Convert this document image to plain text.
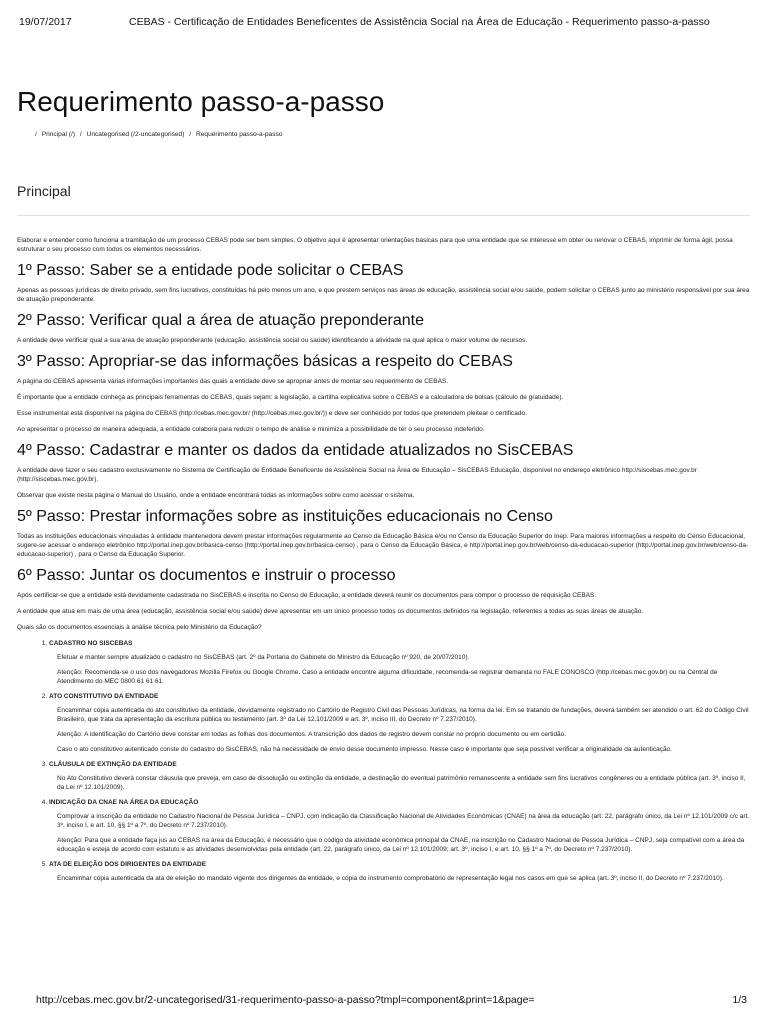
19/07/2017	CEBAS - Certificação de Entidades Beneficentes de Assistência Social na Área de Educação - Requerimento passo-a-passo
Requerimento passo-a-passo
/ Principal (/) / Uncategorised (/2-uncategorised) / Requerimento passo-a-passo
Principal

Elaborar e entender como funciona a tramitação de um processo CEBAS pode ser bem simples. O objetivo aqui é apresentar orientações básicas para que uma entidade que se interesse em obter ou renovar o CEBAS, imprimir de forma ágil, possa estruturar o seu processo com todos os elementos necessários.

1º Passo: Saber se a entidade pode solicitar o CEBAS

Apenas as pessoas jurídicas de direito privado, sem fins lucrativos, constituídas há pelo menos um ano, e que prestem serviços nas áreas de educação, assistência social e/ou saúde, podem solicitar o CEBAS junto ao ministério responsável por sua área de atuação preponderante.

2º Passo: Verificar qual a área de atuação preponderante

A entidade deve verificar qual a sua área de atuação preponderante (educação, assistência social ou saúde) identificando a atividade na qual aplica o maior volume de recursos.

3º Passo: Apropriar-se das informações básicas a respeito do CEBAS

A página do CEBAS apresenta várias informações importantes das quais a entidade deve se apropriar antes de montar seu requerimento de CEBAS.

É importante que a entidade conheça as principais ferramentas do CEBAS, quais sejam: a legislação, a cartilha explicativa sobre o CEBAS e a calculadora de bolsas (cálculo de gratuidade).

Esse instrumental está disponível na página do CEBAS (http://cebas.mec.gov.br/ (http://cebas.mec.gov.br/)) e deve ser conhecido por todos que pretendem pleitear o certificado.

Ao apresentar o processo de maneira adequada, a entidade colabora para reduzir o tempo de análise e minimiza a possibilidade de ter o seu processo indeferido.

4º Passo: Cadastrar e manter os dados da entidade atualizados no SisCEBAS

A entidade deve fazer o seu cadastro exclusivamente no Sistema de Certificação de Entidade Beneficente de Assistência Social na Área de Educação – SisCEBAS Educação, disponível no endereço eletrônico http://siscebas.mec.gov.br (http://siscebas.mec.gov.br).

Observar que existe nesta página o Manual do Usuário, onde a entidade encontrará todas as informações sobre como acessar o sistema.

5º Passo: Prestar informações sobre as instituições educacionais no Censo

Todas as instituições educacionais vinculadas à entidade mantenedora devem prestar informações regularmente ao Censo da Educação Básica e/ou no Censo da Educação Superior do Inep. Para maiores informações a respeito do Censo Educacional, sugere-se acessar o endereço eletrônico http://portal.inep.gov.br/basica-censo (http://portal.inep.gov.br/basica-censo) , para o Censo da Educação Básica, e http://portal.inep.gov.br/web/censo-da-educacao-superior (http://portal.inep.gov.br/web/censo-da-educacao-superior) , para o Censo da Educação Superior.

6º Passo: Juntar os documentos e instruir o processo

Após certificar-se que a entidade está devidamente cadastrada no SisCEBAS e inscrita no Censo de Educação, a entidade deverá reunir os documentos para compor o processo de requisição CEBAS.

A entidade que atua em mais de uma área (educação, assistência social e/ou saúde) deve apresentar em um único processo todos os documentos definidos na legislação, referentes a todas as suas áreas de atuação.

Quais são os documentos essenciais à análise técnica pelo Ministério da Educação?

1. CADASTRO NO SISCEBAS

Efetuar e manter sempre atualizado o cadastro no SisCEBAS (art. 2º da Portaria do Gabinete do Ministro da Educação nº 920, de 20/07/2010).

Atenção: Recomenda-se o uso dos navegadores Mozilla Firefox ou Google Chrome. Caso a entidade encontre alguma dificuldade, recomenda-se registrar demanda no FALE CONOSCO (http://cebas.mec.gov.br) ou na Central de Atendimento do MEC 0800 61 61 61.

2. ATO CONSTITUTIVO DA ENTIDADE

Encaminhar cópia autenticada do ato constitutivo da entidade, devidamente registrado no Cartório de Registro Civil das Pessoas Jurídicas, na forma da lei. Em se tratando de fundações, deverá também ser atendido o art. 62 do Código Civil Brasileiro, que trata da apresentação da escritura pública ou testamento (art. 3º da Lei 12.101/2009 e art. 3º, inciso III, do Decreto nº 7.237/2010).

Atenção: A identificação do Cartório deve constar em todas as folhas dos documentos. A transcrição dos dados de registro devem constar no próprio documento ou em certidão.

Caso o ato constitutivo autenticado conste do cadastro do SisCEBAS, não há necessidade de envio desse documento impresso. Nesse caso é importante que seja possível verificar a originalidade da autenticação.

3. CLÁUSULA DE EXTINÇÃO DA ENTIDADE

No Ato Constitutivo deverá constar cláusula que preveja, em caso de dissolução ou extinção da entidade, a destinação do eventual patrimônio remanescente a entidade sem fins lucrativos congêneres ou a entidade pública (art. 3º, inciso II, da Lei nº 12.101/2009).

4. INDICAÇÃO DA CNAE NA ÁREA DA EDUCAÇÃO

Comprovar a inscrição da entidade no Cadastro Nacional de Pessoa Jurídica – CNPJ, com indicação da Classificação Nacional de Atividades Econômicas (CNAE) na área da educação (art. 22, parágrafo único, da Lei nº 12.101/2009 c/c art. 3º, inciso I, e art. 10, §§ 1º a 7º, do Decreto nº 7.237/2010).

Atenção: Para que a entidade faça jus ao CEBAS na área da Educação, é necessário que o código da atividade econômica principal da CNAE, na inscrição no Cadastro Nacional de Pessoa Jurídica – CNPJ, seja compatível com a área da educação e esteja de acordo com estatuto e as atividades desenvolvidas pela entidade (art. 22, parágrafo único, da Lei nº 12.101/2009; art. 3º, inciso I, e art. 10, §§ 1º a 7º, do Decreto nº 7.237/2010).

5. ATA DE ELEIÇÃO DOS DIRIGENTES DA ENTIDADE

Encaminhar cópia autenticada da ata de eleição do mandato vigente dos dirigentes da entidade, e cópia do instrumento comprobatório de representação legal nos casos em que se aplica (art. 3º, inciso II, do Decreto nº 7.237/2010).

http://cebas.mec.gov.br/2-uncategorised/31-requerimento-passo-a-passo?tmpl=component&print=1&page=	1/3
